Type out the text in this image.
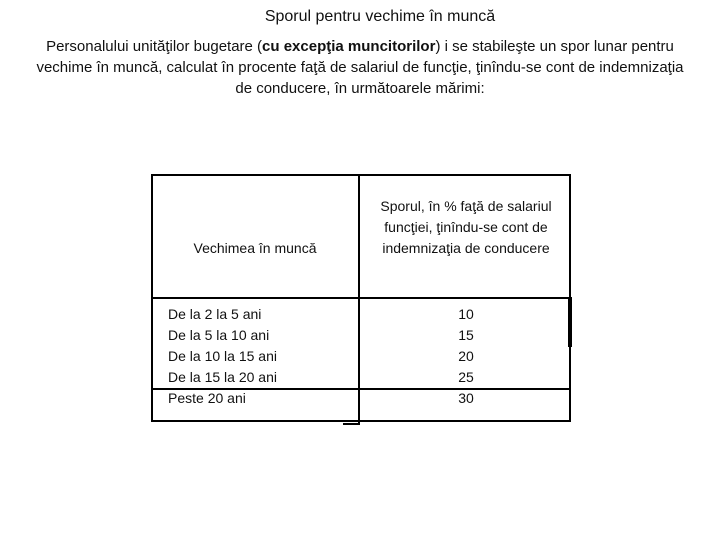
Sporul pentru vechime în muncă
Personalului unităţilor bugetare (cu excepţia muncitorilor) i se stabileşte un spor lunar pentru vechime în muncă, calculat în procente faţă de salariul de funcţie, ţinîndu-se cont de indemnizaţia de conducere, în următoarele mărimi:
Vechimea în muncă
Sporul, în % faţă de salariul funcţiei, ţinîndu-se cont de indemnizaţia de conducere
De la 2 la 5 ani
De la 5 la 10 ani
De la 10 la 15 ani
De la 15 la 20 ani
Peste 20 ani
10
15
20
25
30
